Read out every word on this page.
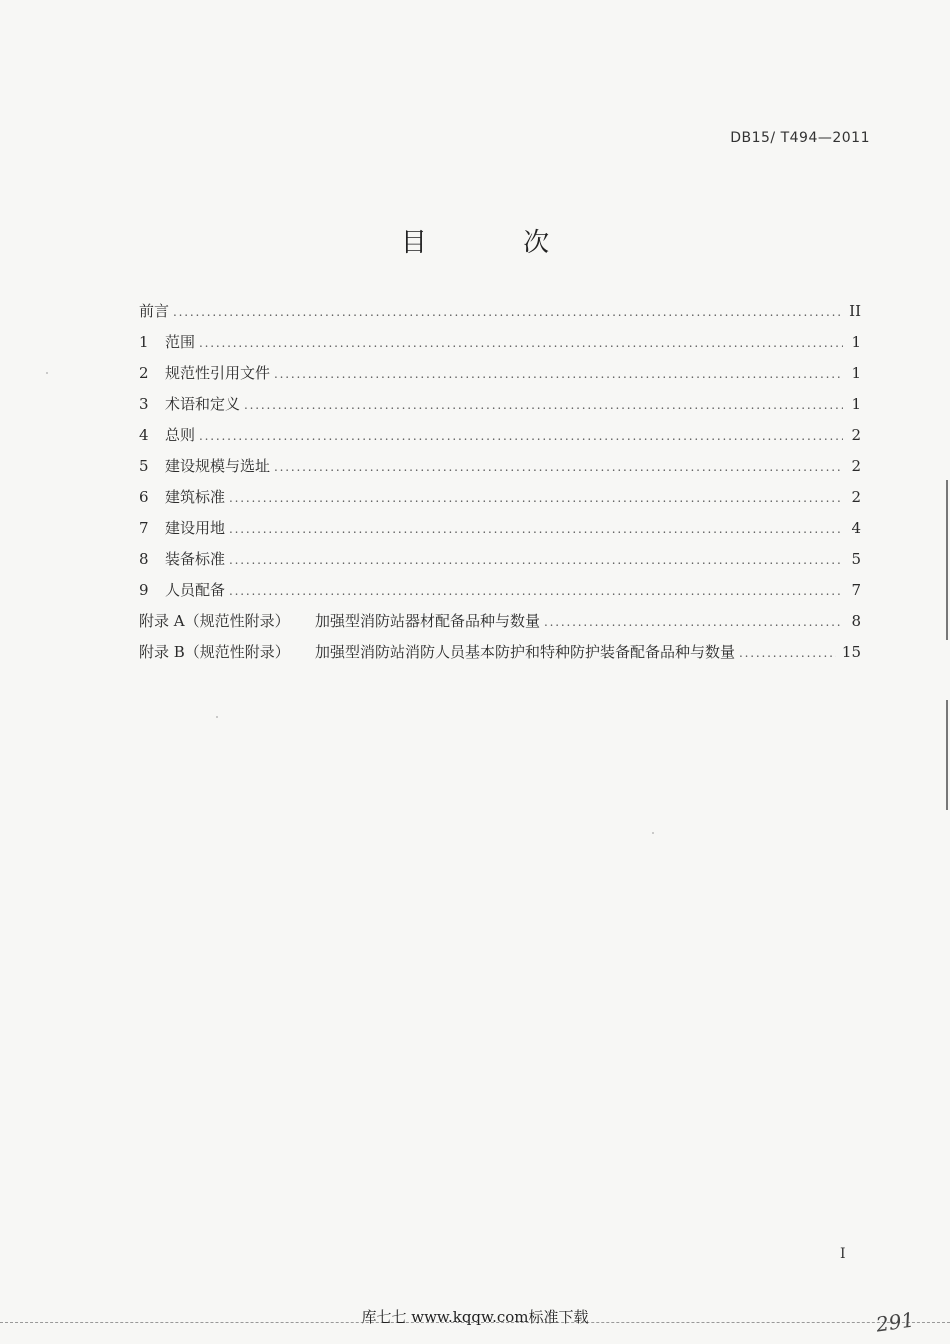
DB15/ T494—2011
目 次
前言 . . .	II
1	范围 . . .	1
2	规范性引用文件 . . .	1
3	术语和定义 . . .	1
4	总则 . . .	2
5	建设规模与选址 . . .	2
6	建筑标准 . . .	2
7	建设用地 . . .	4
8	装备标准 . . .	5
9	人员配备 . . .	7
附录 A（规范性附录）	加强型消防站器材配备品种与数量 . . .	8
附录 B（规范性附录）	加强型消防站消防人员基本防护和特种防护装备配备品种与数量 . . .	15
I
库七七 www.kqqw.com标准下载	291
